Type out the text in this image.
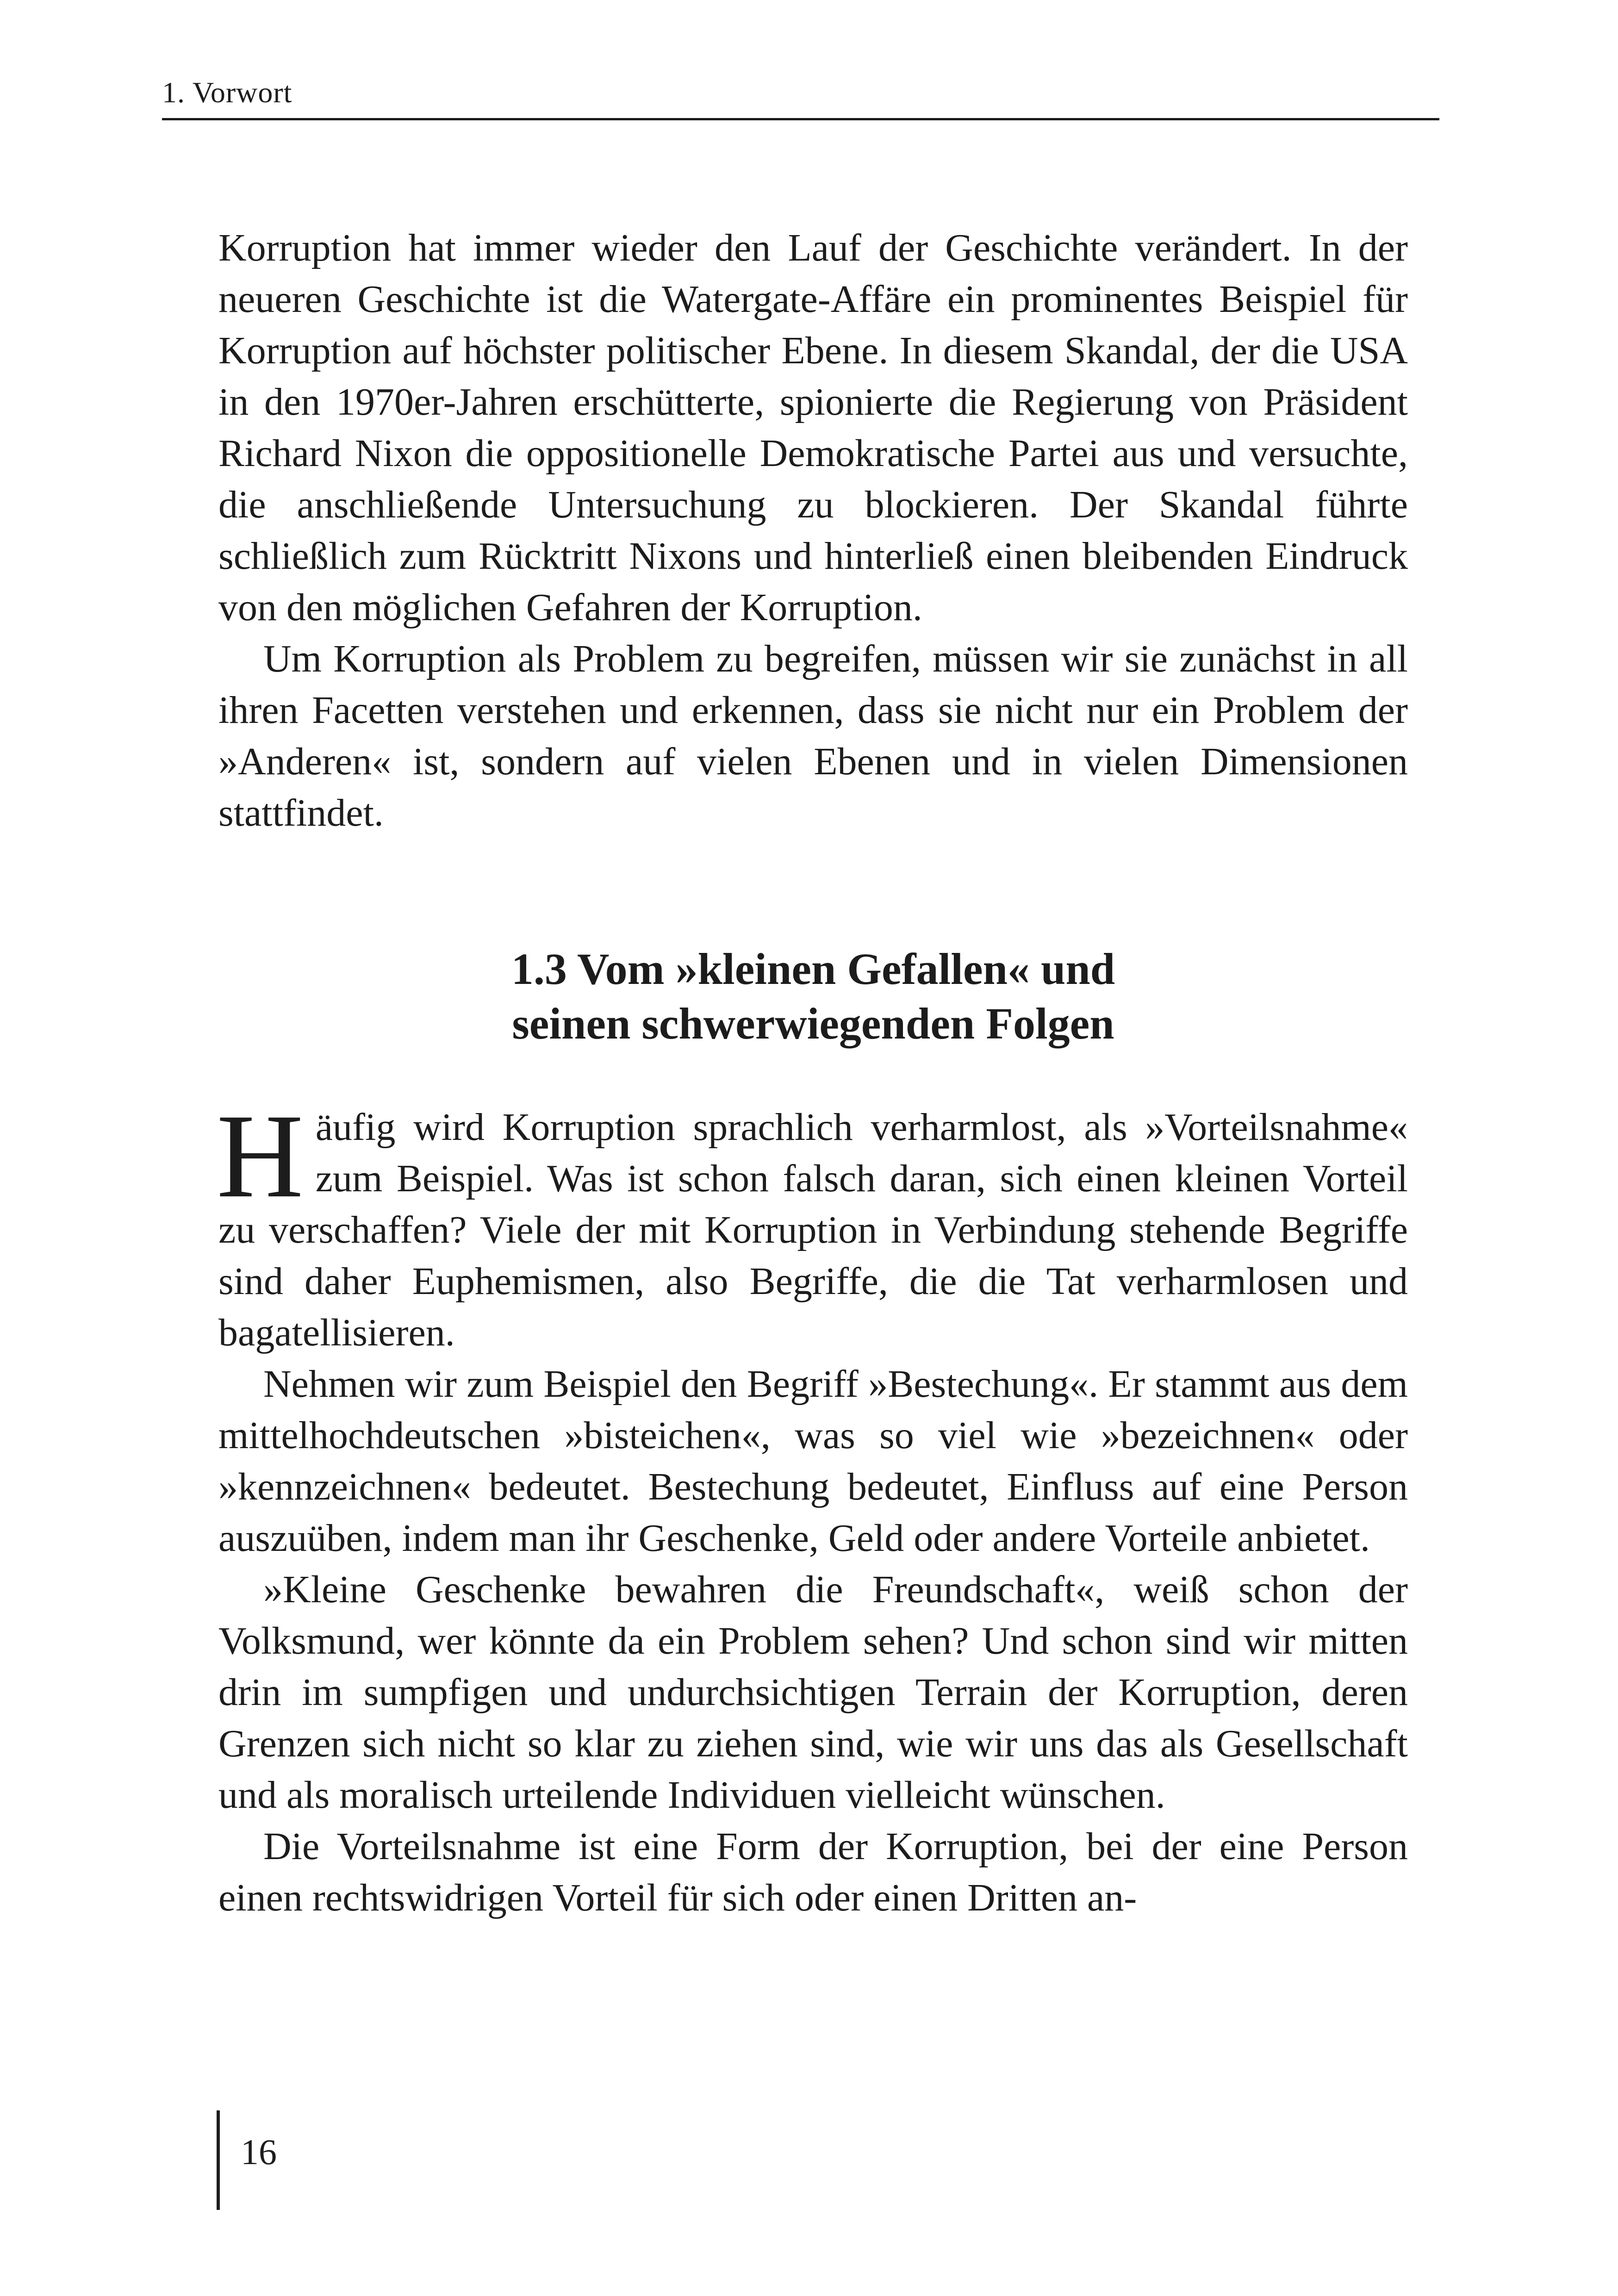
1. Vorwort

Korruption hat immer wieder den Lauf der Geschichte verändert. In der neueren Geschichte ist die Watergate-Affäre ein prominentes Beispiel für Korruption auf höchster politischer Ebene. In diesem Skandal, der die USA in den 1970er-Jahren erschütterte, spionierte die Regierung von Präsident Richard Nixon die oppositionelle Demokratische Partei aus und versuchte, die anschließende Untersuchung zu blockieren. Der Skandal führte schließlich zum Rücktritt Nixons und hinterließ einen bleibenden Eindruck von den möglichen Gefahren der Korruption.

Um Korruption als Problem zu begreifen, müssen wir sie zunächst in all ihren Facetten verstehen und erkennen, dass sie nicht nur ein Problem der »Anderen« ist, sondern auf vielen Ebenen und in vielen Dimensionen stattfindet.

1.3 Vom »kleinen Gefallen« und
seinen schwerwiegenden Folgen

Häufig wird Korruption sprachlich verharmlost, als »Vorteilsnahme« zum Beispiel. Was ist schon falsch daran, sich einen kleinen Vorteil zu verschaffen? Viele der mit Korruption in Verbindung stehende Begriffe sind daher Euphemismen, also Begriffe, die die Tat verharmlosen und bagatellisieren.

Nehmen wir zum Beispiel den Begriff »Bestechung«. Er stammt aus dem mittelhochdeutschen »bisteichen«, was so viel wie »bezeichnen« oder »kennzeichnen« bedeutet. Bestechung bedeutet, Einfluss auf eine Person auszuüben, indem man ihr Geschenke, Geld oder andere Vorteile anbietet.

»Kleine Geschenke bewahren die Freundschaft«, weiß schon der Volksmund, wer könnte da ein Problem sehen? Und schon sind wir mitten drin im sumpfigen und undurchsichtigen Terrain der Korruption, deren Grenzen sich nicht so klar zu ziehen sind, wie wir uns das als Gesellschaft und als moralisch urteilende Individuen vielleicht wünschen.

Die Vorteilsnahme ist eine Form der Korruption, bei der eine Person einen rechtswidrigen Vorteil für sich oder einen Dritten an-

16
